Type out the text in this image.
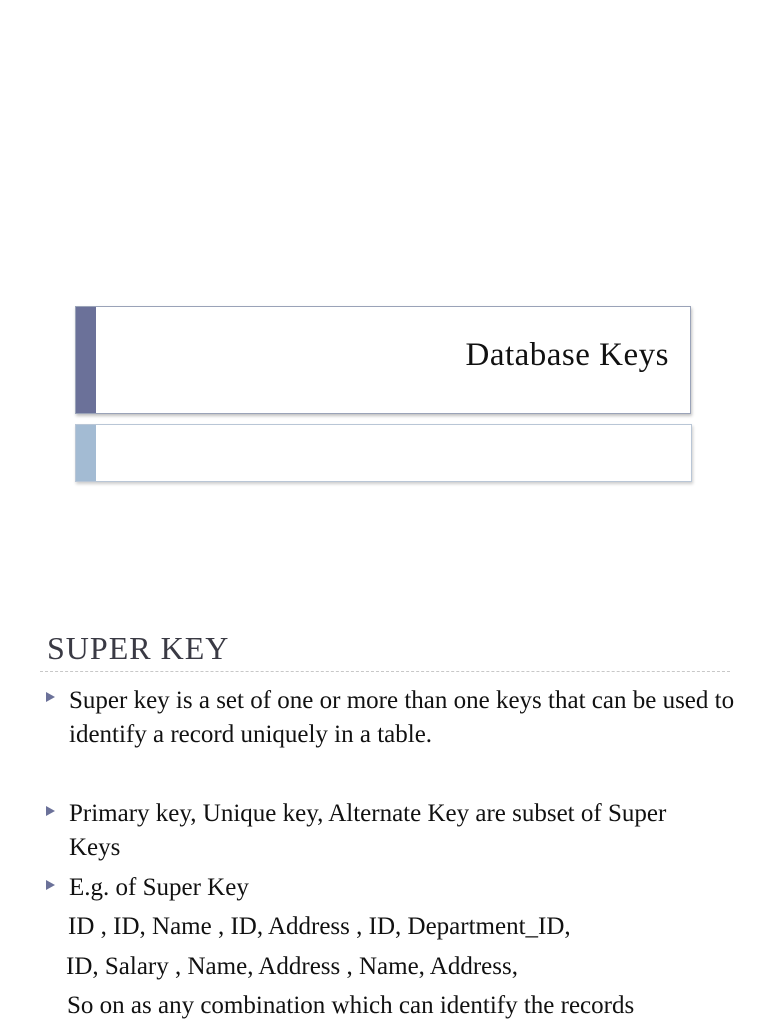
Database Keys
SUPER KEY
Super key is a set of one or more than one keys that can be used to identify a record uniquely in a table.
Primary key, Unique key, Alternate Key are subset of Super Keys
E.g. of Super Key
ID , ID, Name , ID, Address , ID, Department_ID,
ID, Salary , Name, Address , Name, Address,
So on as any combination which can identify the records
